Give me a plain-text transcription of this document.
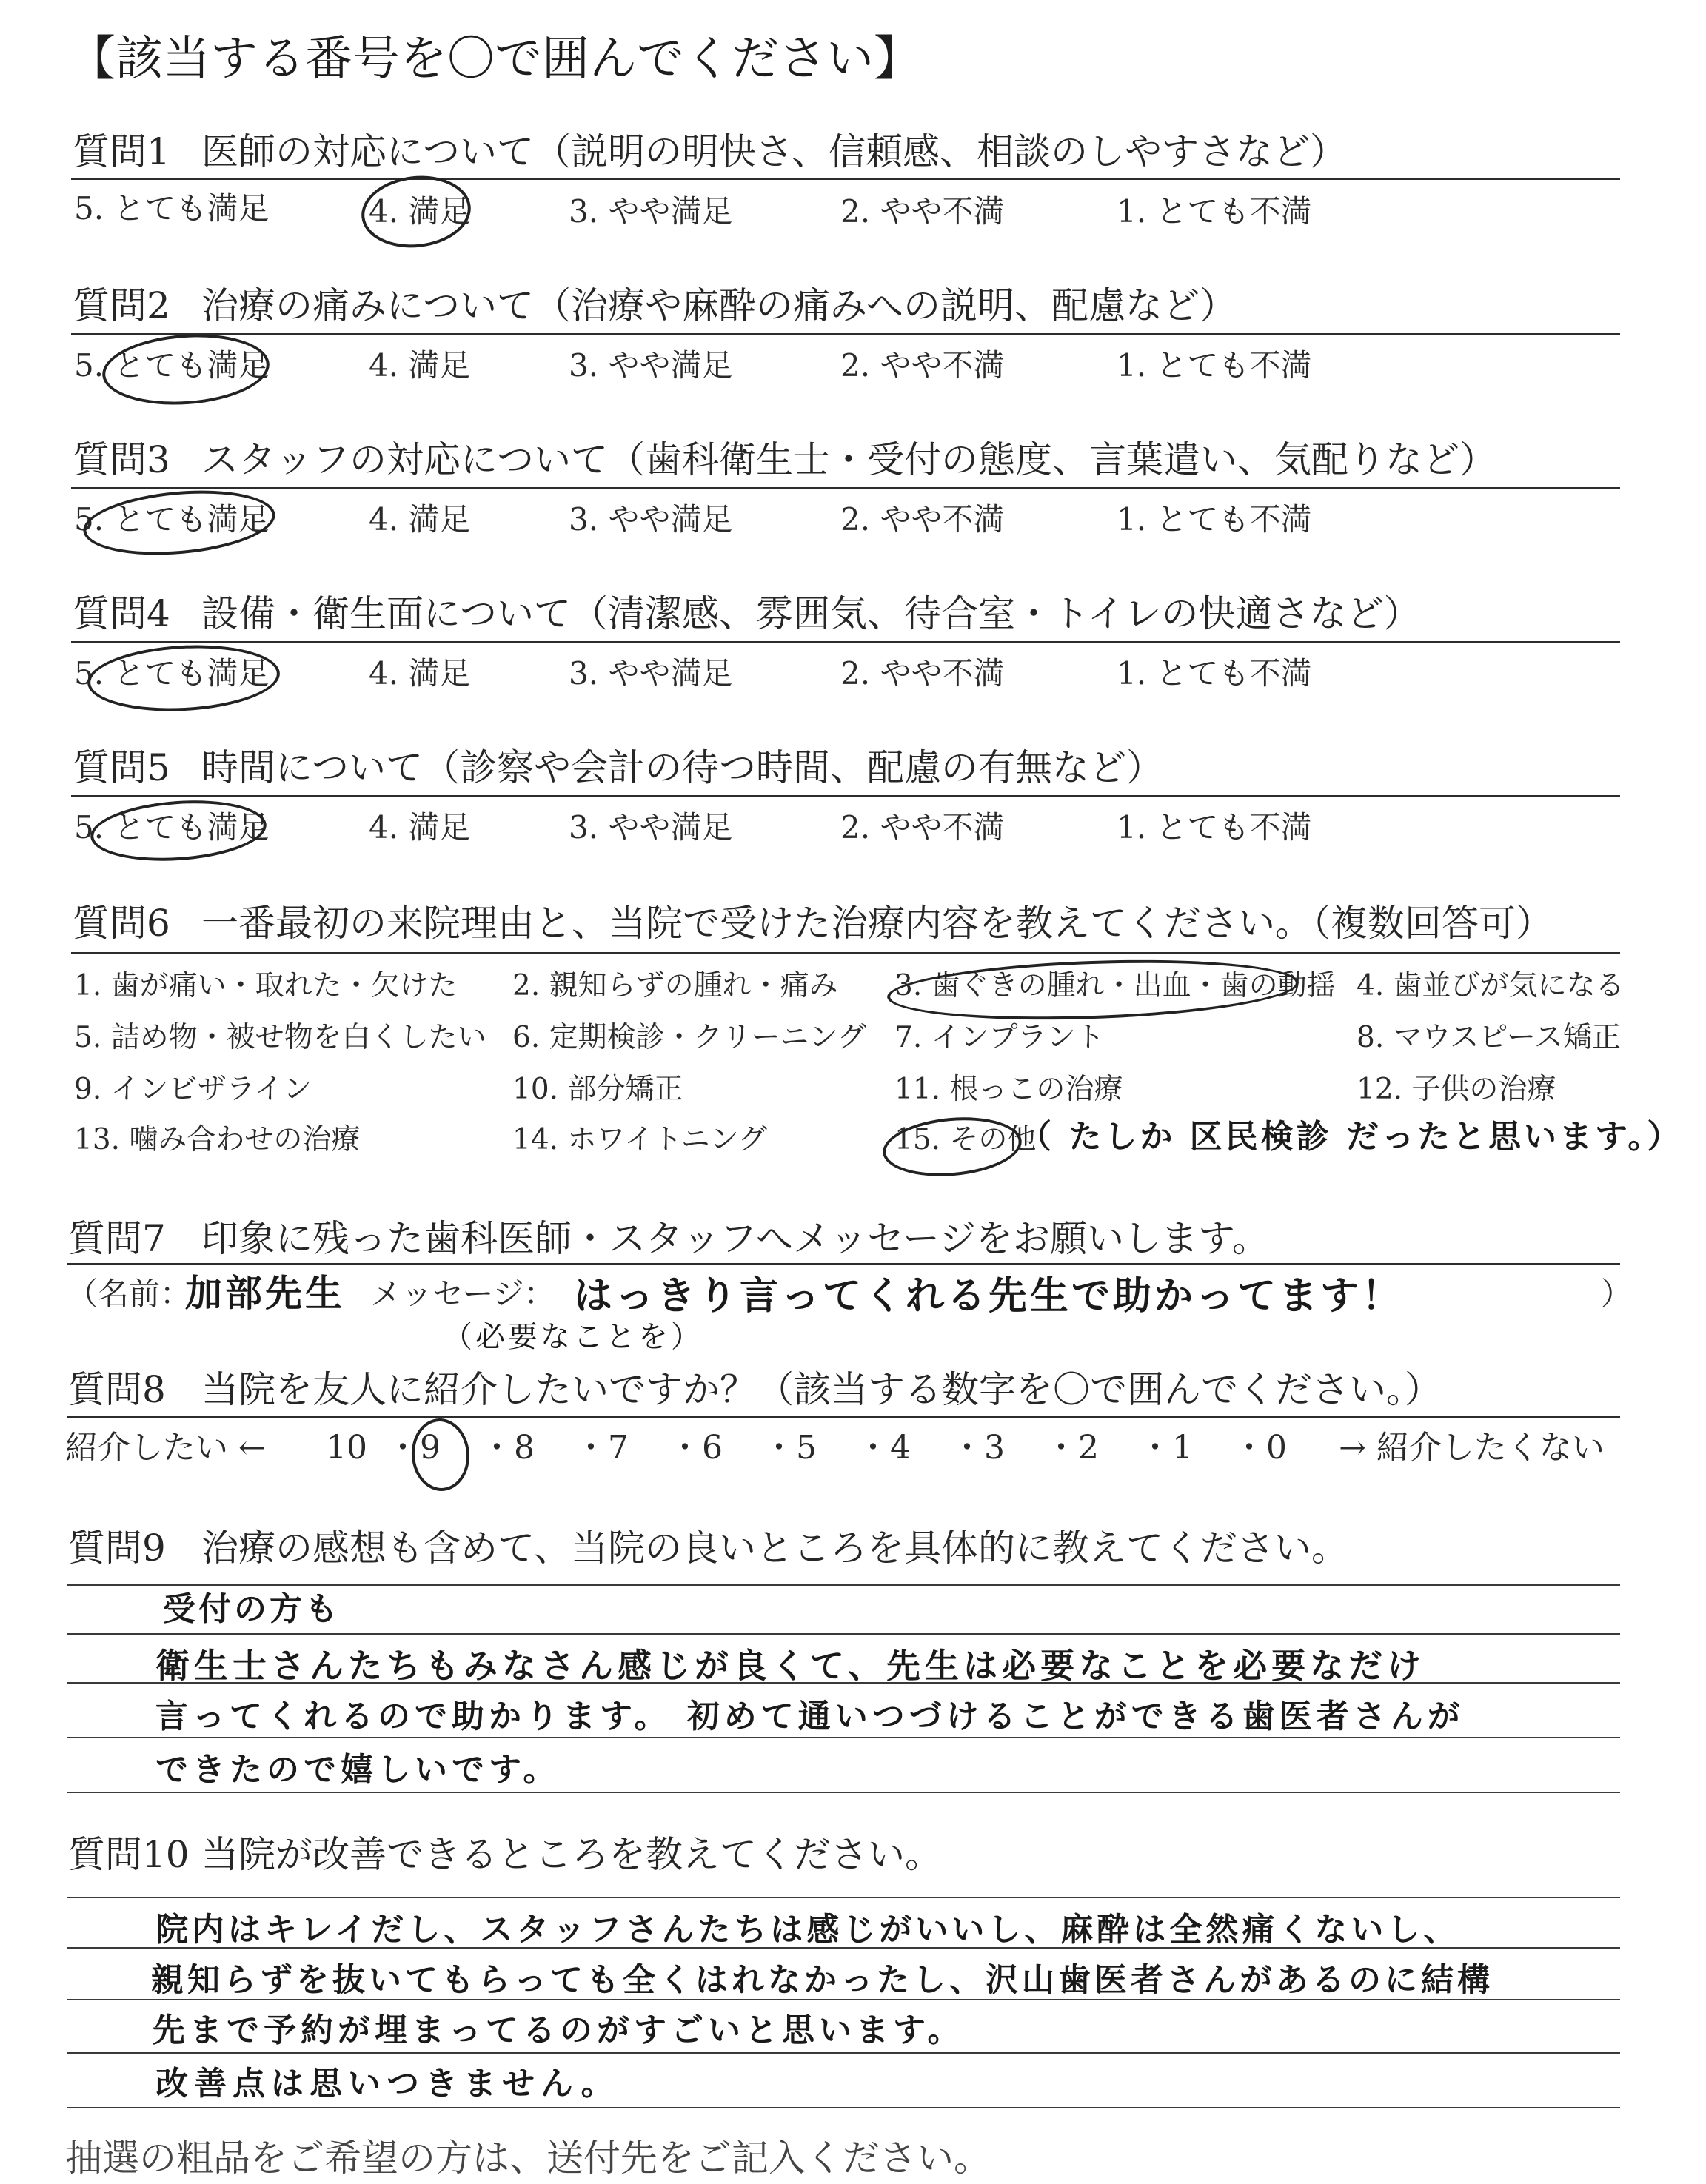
【該当する番号を〇で囲んでください】
質問1 医師の対応について（説明の明快さ、信頼感、相談のしやすさなど）
5. とても満足	4. 満足	3. やや満足	2. やや不満	1. とても不満
質問2 治療の痛みについて（治療や麻酔の痛みへの説明、配慮など）
5. とても満足	4. 満足	3. やや満足	2. やや不満	1. とても不満
質問3 スタッフの対応について（歯科衛生士・受付の態度、言葉遣い、気配りなど）
5. とても満足	4. 満足	3. やや満足	2. やや不満	1. とても不満
質問4 設備・衛生面について（清潔感、雰囲気、待合室・トイレの快適さなど）
5. とても満足	4. 満足	3. やや満足	2. やや不満	1. とても不満
質問5 時間について（診察や会計の待つ時間、配慮の有無など）
5. とても満足	4. 満足	3. やや満足	2. やや不満	1. とても不満
質問6 一番最初の来院理由と、当院で受けた治療内容を教えてください。（複数回答可）
1. 歯が痛い・取れた・欠けた 2. 親知らずの腫れ・痛み 3. 歯ぐきの腫れ・出血・歯の動揺 4. 歯並びが気になる
5. 詰め物・被せ物を白くしたい 6. 定期検診・クリーニング 7. インプラント	8. マウスピース矯正
9. インビザライン	10. 部分矯正	11. 根っこの治療	12. 子供の治療
13. 噛み合わせの治療	14. ホワイトニング	15. その他
（ たしか 区民検診 だったと思います。）
質問7 印象に残った歯科医師・スタッフへメッセージをお願いします。
（名前：
加部先生 メッセージ： はっきり言ってくれる先生で助かってます！
（必要なことを）
）
質問8 当院を友人に紹介したいですか？（該当する数字を〇で囲んでください。）
紹介したい ← 10 ・ 9 ・ 8 ・ 7 ・ 6 ・ 5 ・ 4 ・ 3 ・ 2 ・ 1 ・ 0 → 紹介したくない
質問9 治療の感想も含めて、当院の良いところを具体的に教えてください。
受付の方も
衛生士さんたちもみなさん感じが良くて、先生は必要なことを必要なだけ
言ってくれるので助かります。 初めて通いつづけることができる歯医者さんが
できたので嬉しいです。
質問10 当院が改善できるところを教えてください。
院内はキレイだし、スタッフさんたちは感じがいいし、麻酔は全然痛くないし、
親知らずを抜いてもらっても全くはれなかったし、沢山歯医者さんがあるのに結構
先まで予約が埋まってるのがすごいと思います。
改善点は思いつきません。
抽選の粗品をご希望の方は、送付先をご記入ください。
